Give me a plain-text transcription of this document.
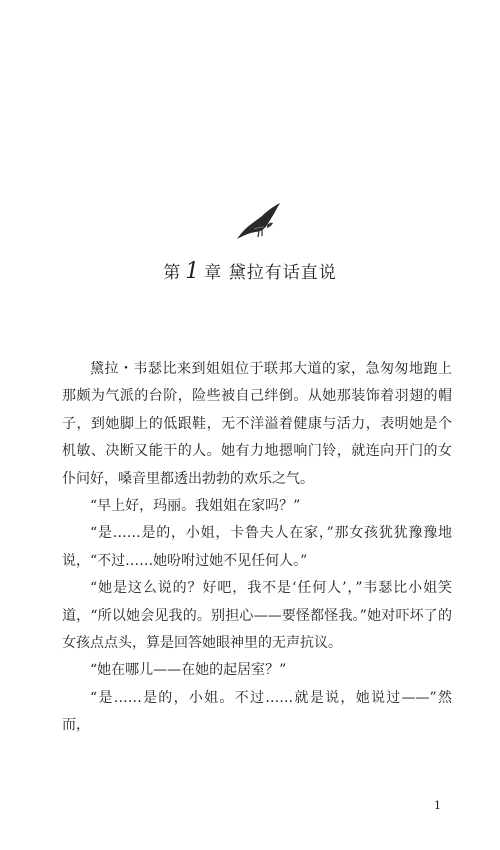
第 1 章 黛拉有话直说

黛拉・韦瑟比来到姐姐位于联邦大道的家，急匆匆地跑上那颇为气派的台阶，险些被自己绊倒。从她那装饰着羽翅的帽子，到她脚上的低跟鞋，无不洋溢着健康与活力，表明她是个机敏、决断又能干的人。她有力地摁响门铃，就连向开门的女仆问好，嗓音里都透出勃勃的欢乐之气。

“早上好，玛丽。我姐姐在家吗？”

“是……是的，小姐，卡鲁夫人在家，”那女孩犹犹豫豫地说，“不过……她吩咐过她不见任何人。”

“她是这么说的？好吧，我不是‘任何人’，”韦瑟比小姐笑道，“所以她会见我的。别担心——要怪都怪我。”她对吓坏了的女孩点点头，算是回答她眼神里的无声抗议。

“她在哪儿——在她的起居室？”

“是……是的，小姐。不过……就是说，她说过——”然而，

1
